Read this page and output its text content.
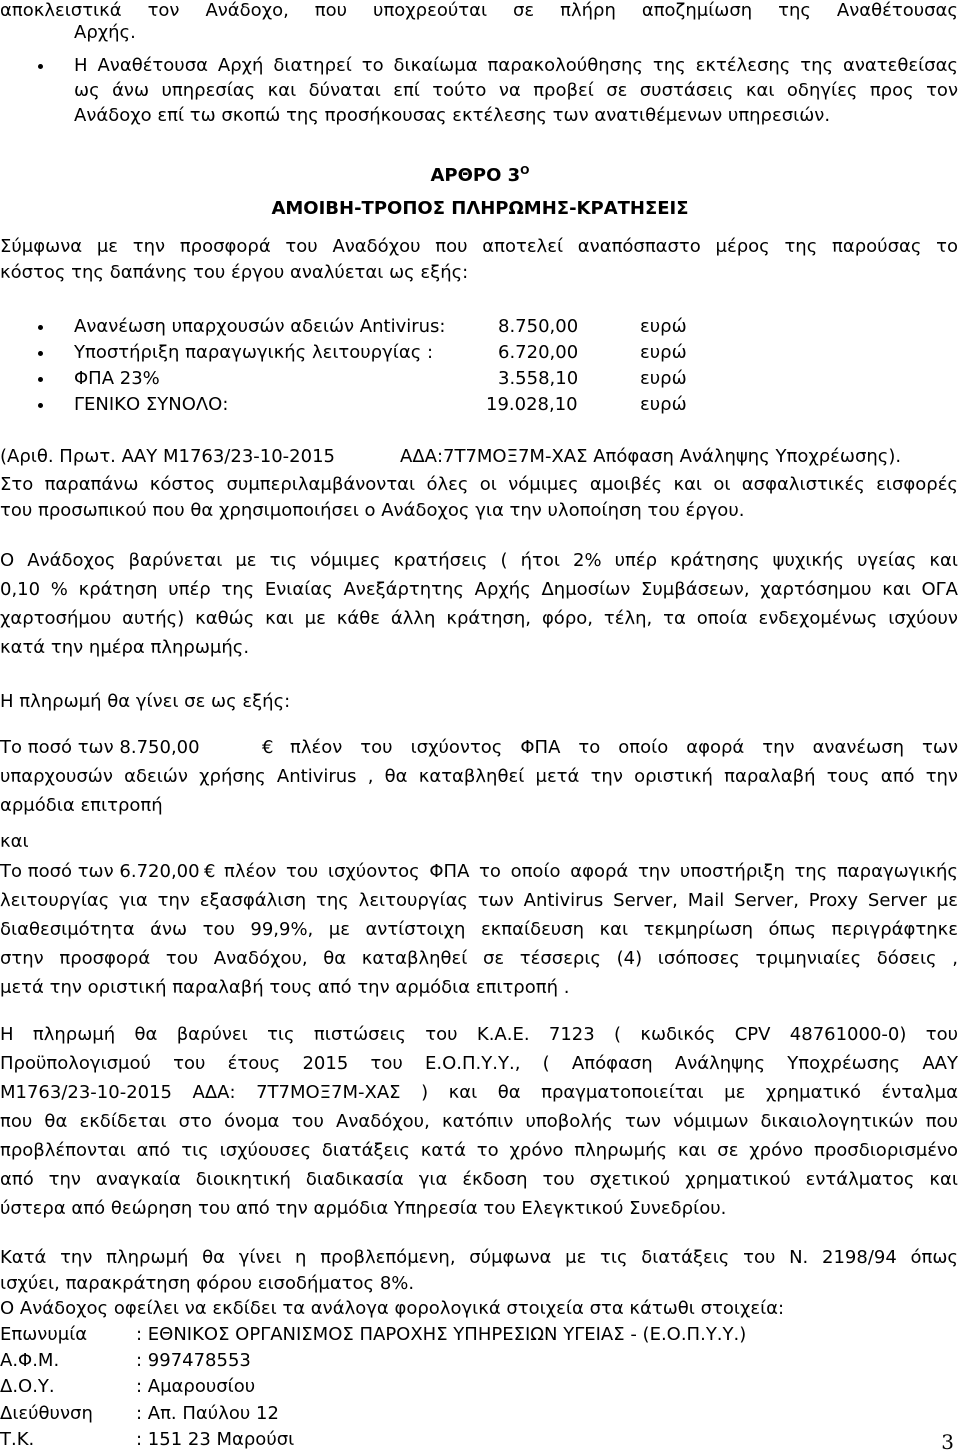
αποκλειστικά τον Ανάδοχο, που υποχρεούται σε πλήρη αποζημίωση της Αναθέτουσας
Αρχής.
Η Αναθέτουσα Αρχή διατηρεί το δικαίωμα παρακολούθησης της εκτέλεσης της ανατεθείσας
ως άνω υπηρεσίας και δύναται επί τούτο να προβεί σε συστάσεις και οδηγίες προς τον
Ανάδοχο επί τω σκοπώ της προσήκουσας εκτέλεσης των ανατιθέμενων υπηρεσιών.
ΑΡΘΡΟ $3^O$
ΑΜΟΙΒΗ-ΤΡΟΠΟΣ ΠΛΗΡΩΜΗΣ-ΚΡΑΤΗΣΕΙΣ
Σύμφωνα με την προσφορά του Αναδόχου που αποτελεί αναπόσπαστο μέρος της παρούσας το
κόστος της δαπάνης του έργου αναλύεται ως εξής:
Ανανέωση υπαρχουσών αδειών Antivirus:	8.750,00	ευρώ
Υποστήριξη παραγωγικής λειτουργίας :	6.720,00	ευρώ
ΦΠΑ 23%	3.558,10	ευρώ
ΓΕΝΙΚΟ ΣΥΝΟΛΟ:	19.028,10	ευρώ
(Αριθ. Πρωτ. ΑΑΥ Μ1763/23-10-2015	ΑΔΑ:7Τ7ΜΟΞ7Μ-ΧΑΣ Απόφαση Ανάληψης Υποχρέωσης).
Στο παραπάνω κόστος συμπεριλαμβάνονται όλες οι νόμιμες αμοιβές και οι ασφαλιστικές εισφορές
του προσωπικού που θα χρησιμοποιήσει ο Ανάδοχος για την υλοποίηση του έργου.
Ο Ανάδοχος βαρύνεται με τις νόμιμες κρατήσεις ( ήτοι 2% υπέρ κράτησης ψυχικής υγείας και
0,10 % κράτηση υπέρ της Ενιαίας Ανεξάρτητης Αρχής Δημοσίων Συμβάσεων, χαρτόσημου και ΟΓΑ
χαρτοσήμου αυτής) καθώς και με κάθε άλλη κράτηση, φόρο, τέλη, τα οποία ενδεχομένως ισχύουν
κατά την ημέρα πληρωμής.
Η πληρωμή θα γίνει σε ως εξής:
Το ποσό των 8.750,00	€ πλέον του ισχύοντος ΦΠΑ το οποίο αφορά την ανανέωση των
υπαρχουσών αδειών χρήσης Antivirus , θα καταβληθεί μετά την οριστική παραλαβή τους από την
αρμόδια επιτροπή
και
Το ποσό των 6.720,00 € πλέον του ισχύοντος ΦΠΑ το οποίο αφορά την υποστήριξη της παραγωγικής
λειτουργίας για την εξασφάλιση της λειτουργίας των Antivirus Server, Mail Server, Proxy Server με
διαθεσιμότητα άνω του 99,9%, με αντίστοιχη εκπαίδευση και τεκμηρίωση όπως περιγράφτηκε
στην προσφορά του Αναδόχου, θα καταβληθεί σε τέσσερις (4) ισόποσες τριμηνιαίες δόσεις ,
μετά την οριστική παραλαβή τους από την αρμόδια επιτροπή .
Η πληρωμή θα βαρύνει τις πιστώσεις του Κ.Α.Ε. 7123 ( κωδικός CPV 48761000-0) του
Προϋπολογισμού του έτους 2015 του Ε.Ο.Π.Υ.Υ., ( Απόφαση Ανάληψης Υποχρέωσης ΑΑΥ
Μ1763/23-10-2015 ΑΔΑ: 7Τ7ΜΟΞ7Μ-ΧΑΣ ) και θα πραγματοποιείται με χρηματικό ένταλμα
που θα εκδίδεται στο όνομα του Αναδόχου, κατόπιν υποβολής των νόμιμων δικαιολογητικών που
προβλέπονται από τις ισχύουσες διατάξεις κατά το χρόνο πληρωμής και σε χρόνο προσδιορισμένο
από την αναγκαία διοικητική διαδικασία για έκδοση του σχετικού χρηματικού εντάλματος και
ύστερα από θεώρηση του από την αρμόδια Υπηρεσία του Ελεγκτικού Συνεδρίου.
Κατά την πληρωμή θα γίνει η προβλεπόμενη, σύμφωνα με τις διατάξεις του Ν. 2198/94 όπως
ισχύει, παρακράτηση φόρου εισοδήματος 8%.
Ο Ανάδοχος οφείλει να εκδίδει τα ανάλογα φορολογικά στοιχεία στα κάτωθι στοιχεία:
Επωνυμία	: ΕΘΝΙΚΟΣ ΟΡΓΑΝΙΣΜΟΣ ΠΑΡΟΧΗΣ ΥΠΗΡΕΣΙΩΝ ΥΓΕΙΑΣ - (Ε.Ο.Π.Υ.Υ.)
Α.Φ.Μ.	: 997478553
Δ.Ο.Υ.	: Αμαρουσίου
Διεύθυνση : Απ. Παύλου 12
Τ.Κ.	: 151 23 Μαρούσι	3
